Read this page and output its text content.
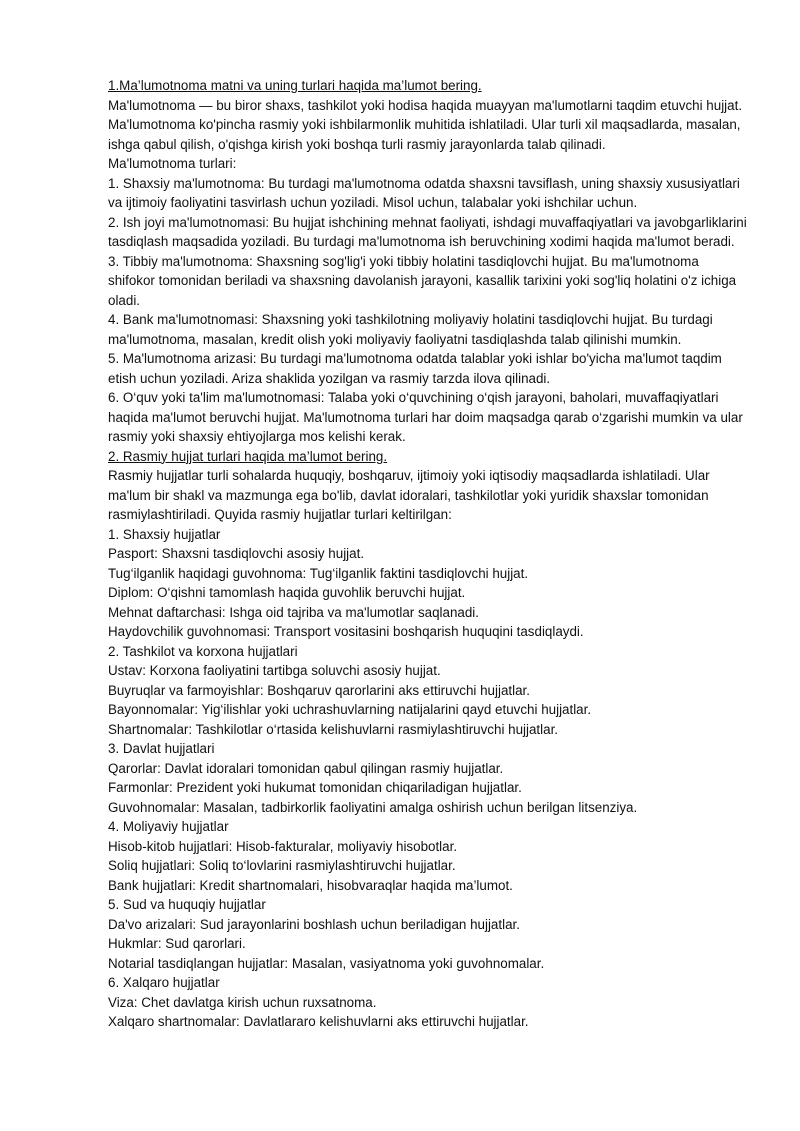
1.Ma’lumotnoma matni va uning turlari haqida ma’lumot bering.

Ma'lumotnoma — bu biror shaxs, tashkilot yoki hodisa haqida muayyan ma'lumotlarni taqdim etuvchi hujjat. Ma'lumotnoma ko'pincha rasmiy yoki ishbilarmonlik muhitida ishlatiladi. Ular turli xil maqsadlarda, masalan, ishga qabul qilish, o'qishga kirish yoki boshqa turli rasmiy jarayonlarda talab qilinadi.

Ma'lumotnoma turlari:

1. Shaxsiy ma'lumotnoma: Bu turdagi ma'lumotnoma odatda shaxsni tavsiflash, uning shaxsiy xususiyatlari va ijtimoiy faoliyatini tasvirlash uchun yoziladi. Misol uchun, talabalar yoki ishchilar uchun.

2. Ish joyi ma'lumotnomasi: Bu hujjat ishchining mehnat faoliyati, ishdagi muvaffaqiyatlari va javobgarliklarini tasdiqlash maqsadida yoziladi. Bu turdagi ma'lumotnoma ish beruvchining xodimi haqida ma'lumot beradi.

3. Tibbiy ma'lumotnoma: Shaxsning sog'lig'i yoki tibbiy holatini tasdiqlovchi hujjat. Bu ma'lumotnoma shifokor tomonidan beriladi va shaxsning davolanish jarayoni, kasallik tarixini yoki sog'liq holatini o'z ichiga oladi.

4. Bank ma'lumotnomasi: Shaxsning yoki tashkilotning moliyaviy holatini tasdiqlovchi hujjat. Bu turdagi ma'lumotnoma, masalan, kredit olish yoki moliyaviy faoliyatni tasdiqlashda talab qilinishi mumkin.

5. Ma'lumotnoma arizasi: Bu turdagi ma'lumotnoma odatda talablar yoki ishlar bo'yicha ma'lumot taqdim etish uchun yoziladi. Ariza shaklida yozilgan va rasmiy tarzda ilova qilinadi.

6. O‘quv yoki ta'lim ma'lumotnomasi: Talaba yoki o‘quvchining o‘qish jarayoni, baholari, muvaffaqiyatlari haqida ma'lumot beruvchi hujjat. Ma'lumotnoma turlari har doim maqsadga qarab o‘zgarishi mumkin va ular rasmiy yoki shaxsiy ehtiyojlarga mos kelishi kerak.

2. Rasmiy hujjat turlari haqida ma’lumot bering.

Rasmiy hujjatlar turli sohalarda huquqiy, boshqaruv, ijtimoiy yoki iqtisodiy maqsadlarda ishlatiladi. Ular ma'lum bir shakl va mazmunga ega bo'lib, davlat idoralari, tashkilotlar yoki yuridik shaxslar tomonidan rasmiylashtiriladi. Quyida rasmiy hujjatlar turlari keltirilgan:

1. Shaxsiy hujjatlar

Pasport: Shaxsni tasdiqlovchi asosiy hujjat.

Tug‘ilganlik haqidagi guvohnoma: Tug‘ilganlik faktini tasdiqlovchi hujjat.

Diplom: O‘qishni tamomlash haqida guvohlik beruvchi hujjat.

Mehnat daftarchasi: Ishga oid tajriba va ma'lumotlar saqlanadi.

Haydovchilik guvohnomasi: Transport vositasini boshqarish huquqini tasdiqlaydi.

2. Tashkilot va korxona hujjatlari

Ustav: Korxona faoliyatini tartibga soluvchi asosiy hujjat.

Buyruqlar va farmoyishlar: Boshqaruv qarorlarini aks ettiruvchi hujjatlar.

Bayonnomalar: Yig‘ilishlar yoki uchrashuvlarning natijalarini qayd etuvchi hujjatlar.

Shartnomalar: Tashkilotlar o‘rtasida kelishuvlarni rasmiylashtiruvchi hujjatlar.

3. Davlat hujjatlari

Qarorlar: Davlat idoralari tomonidan qabul qilingan rasmiy hujjatlar.

Farmonlar: Prezident yoki hukumat tomonidan chiqariladigan hujjatlar.

Guvohnomalar: Masalan, tadbirkorlik faoliyatini amalga oshirish uchun berilgan litsenziya.

4. Moliyaviy hujjatlar

Hisob-kitob hujjatlari: Hisob-fakturalar, moliyaviy hisobotlar.

Soliq hujjatlari: Soliq to‘lovlarini rasmiylashtiruvchi hujjatlar.

Bank hujjatlari: Kredit shartnomalari, hisobvaraqlar haqida ma’lumot.

5. Sud va huquqiy hujjatlar

Da'vo arizalari: Sud jarayonlarini boshlash uchun beriladigan hujjatlar.

Hukmlar: Sud qarorlari.

Notarial tasdiqlangan hujjatlar: Masalan, vasiyatnoma yoki guvohnomalar.

6. Xalqaro hujjatlar

Viza: Chet davlatga kirish uchun ruxsatnoma.

Xalqaro shartnomalar: Davlatlararo kelishuvlarni aks ettiruvchi hujjatlar.
